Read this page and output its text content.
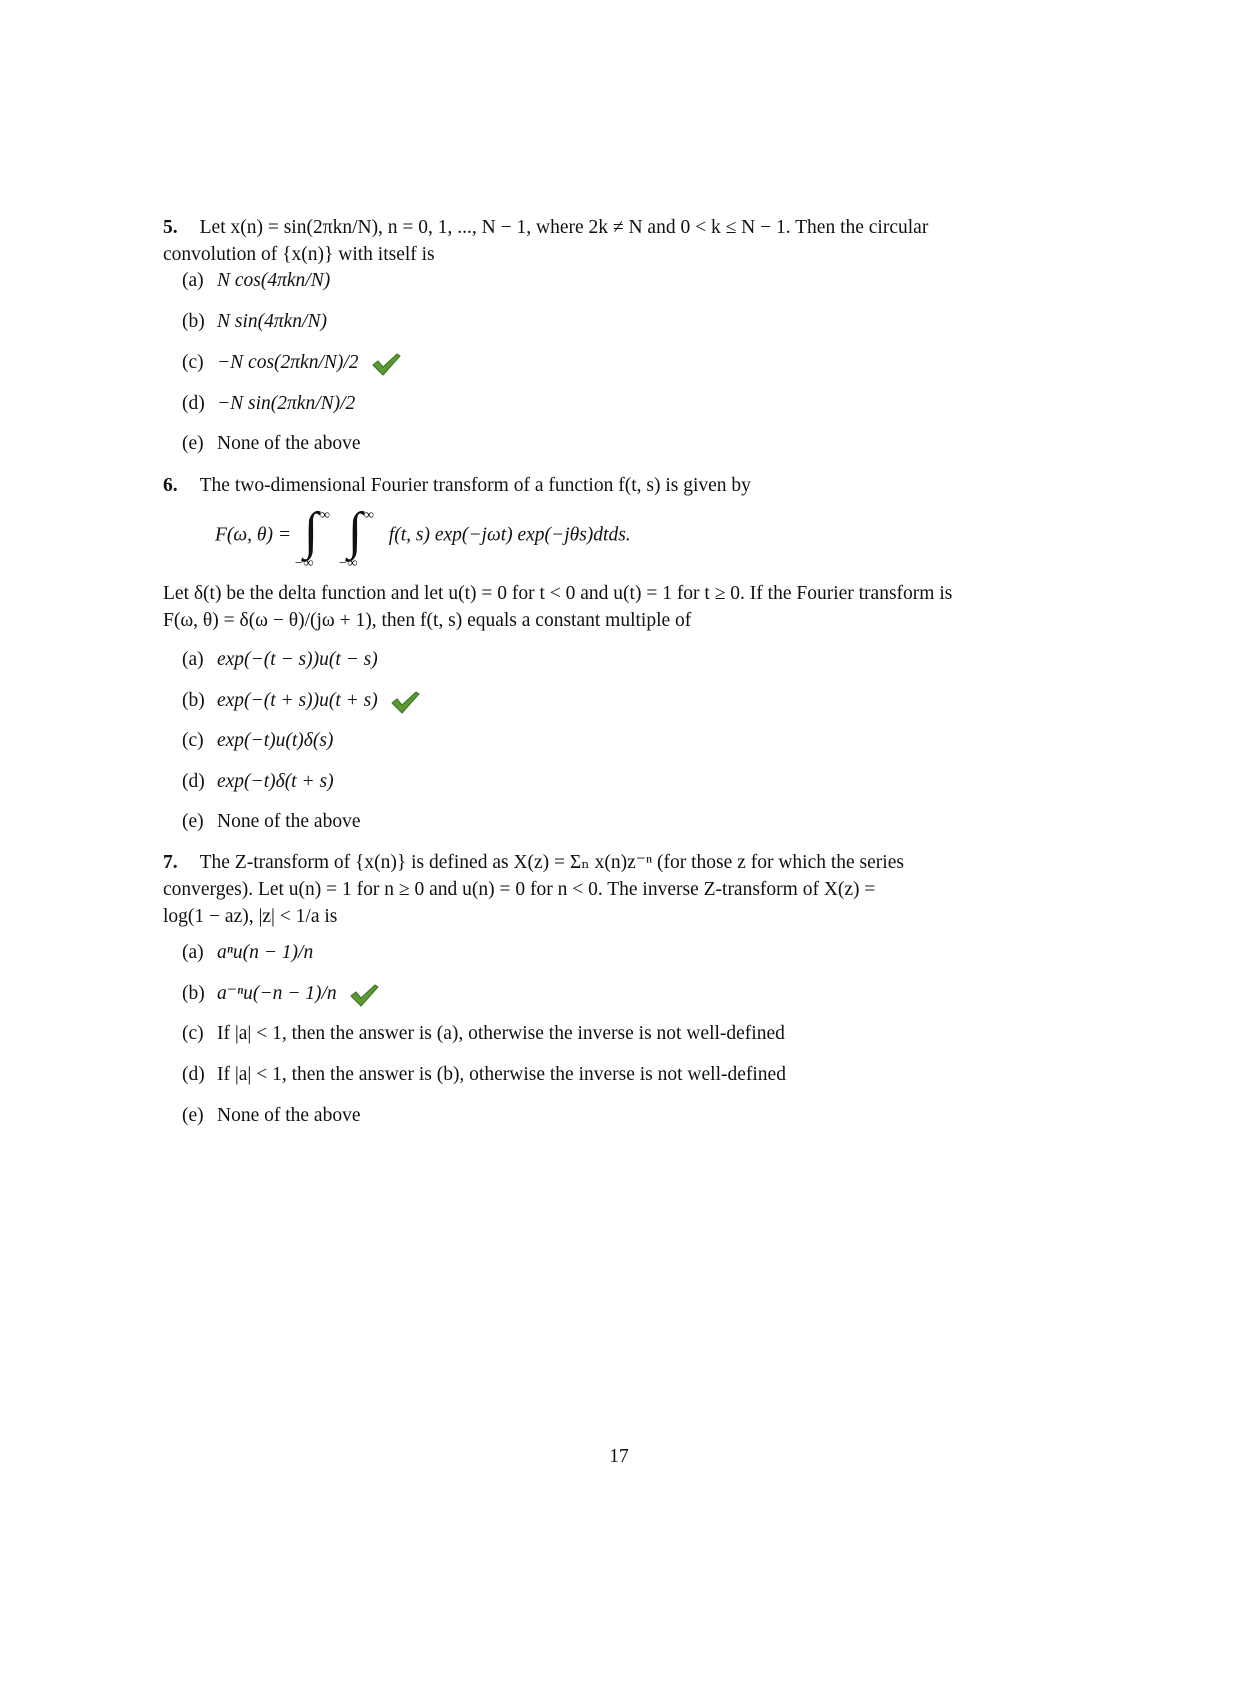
5. Let x(n) = sin(2πkn/N), n = 0, 1, ..., N − 1, where 2k ≠ N and 0 < k ≤ N − 1. Then the circular
convolution of {x(n)} with itself is
(a) N cos(4πkn/N)
(b) N sin(4πkn/N)
(c) −N cos(2πkn/N)/2
(d) −N sin(2πkn/N)/2
(e) None of the above
6. The two-dimensional Fourier transform of a function f(t, s) is given by
F(ω, θ) = ∫ ∞
−∞
∫ ∞
−∞
f(t, s) exp(−jωt) exp(−jθs)dtds.
Let δ(t) be the delta function and let u(t) = 0 for t < 0 and u(t) = 1 for t ≥ 0. If the Fourier transform is
F(ω, θ) = δ(ω − θ)/(jω + 1), then f(t, s) equals a constant multiple of
(a) exp(−(t − s))u(t − s)
(b) exp(−(t + s))u(t + s)
(c) exp(−t)u(t)δ(s)
(d) exp(−t)δ(t + s)
(e) None of the above
7. The Z-transform of {x(n)} is defined as X(z) = Σₙ x(n)z⁻ⁿ (for those z for which the series
converges). Let u(n) = 1 for n ≥ 0 and u(n) = 0 for n < 0. The inverse Z-transform of X(z) =
log(1 − az), |z| < 1/a is
(a) aⁿu(n − 1)/n
(b) a⁻ⁿu(−n − 1)/n
(c) If |a| < 1, then the answer is (a), otherwise the inverse is not well-defined
(d) If |a| < 1, then the answer is (b), otherwise the inverse is not well-defined
(e) None of the above
17
